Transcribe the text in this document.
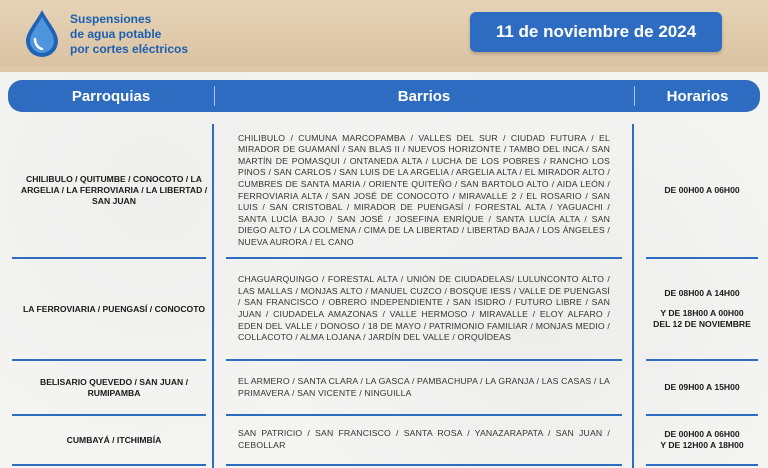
Suspensiones
de agua potable
por cortes eléctricos
11 de noviembre de 2024
Parroquias	Barrios	Horarios
CHILIBULO / QUITUMBE / CONOCOTO / LA ARGELIA / LA FERROVIARIA / LA LIBERTAD / SAN JUAN
CHILIBULO / CUMUNA MARCOPAMBA / VALLES DEL SUR / CIUDAD FUTURA / EL MIRADOR DE GUAMANÍ / SAN BLAS II / NUEVOS HORIZONTE / TAMBO DEL INCA / SAN MARTÍN DE POMASQUI / ONTANEDA ALTA / LUCHA DE LOS POBRES / RANCHO LOS PINOS / SAN CARLOS / SAN LUIS DE LA ARGELIA / ARGELIA ALTA / EL MIRADOR ALTO / CUMBRES DE SANTA MARIA / ORIENTE QUITEÑO / SAN BARTOLO ALTO / AIDA LEÓN / FERROVIARIA ALTA / SAN JOSÉ DE CONOCOTO / MIRAVALLE 2 / EL ROSARIO / SAN LUIS / SAN CRISTOBAL / MIRADOR DE PUENGASÍ / FORESTAL ALTA / YAGUACHI / SANTA LUCÍA BAJO / SAN JOSÉ / JOSEFINA ENRÍQUE / SANTA LUCÍA ALTA / SAN DIEGO ALTO / LA COLMENA / CIMA DE LA LIBERTAD / LIBERTAD BAJA / LOS ÁNGELES / NUEVA AURORA / EL CANO
DE 00H00 A 06H00
LA FERROVIARIA / PUENGASÍ / CONOCOTO
CHAGUARQUINGO / FORESTAL ALTA / UNIÓN DE CIUDADELAS/ LULUNCONTO ALTO / LAS MALLAS / MONJAS ALTO / MANUEL CUZCO / BOSQUE IESS / VALLE DE PUENGASÍ / SAN FRANCISCO / OBRERO INDEPENDIENTE / SAN ISIDRO / FUTURO LIBRE / SAN JUAN / CIUDADELA AMAZONAS / VALLE HERMOSO / MIRAVALLE / ELOY ALFARO / EDEN DEL VALLE / DONOSO / 18 DE MAYO / PATRIMONIO FAMILIAR / MONJAS MEDIO / COLLACOTO / ALMA LOJANA / JARDÍN DEL VALLE / ORQUÍDEAS
DE 08H00 A 14H00
Y DE 18H00 A 00H00
DEL 12 DE NOVIEMBRE
BELISARIO QUEVEDO / SAN JUAN / RUMIPAMBA
EL ARMERO / SANTA CLARA / LA GASCA / PAMBACHUPA / LA GRANJA / LAS CASAS / LA PRIMAVERA / SAN VICENTE / NINGUILLA
DE 09H00 A 15H00
CUMBAYÁ / ITCHIMBÍA
SAN PATRICIO / SAN FRANCISCO / SANTA ROSA / YANAZARAPATA / SAN JUAN / CEBOLLAR
DE 00H00 A 06H00
Y DE 12H00 A 18H00
